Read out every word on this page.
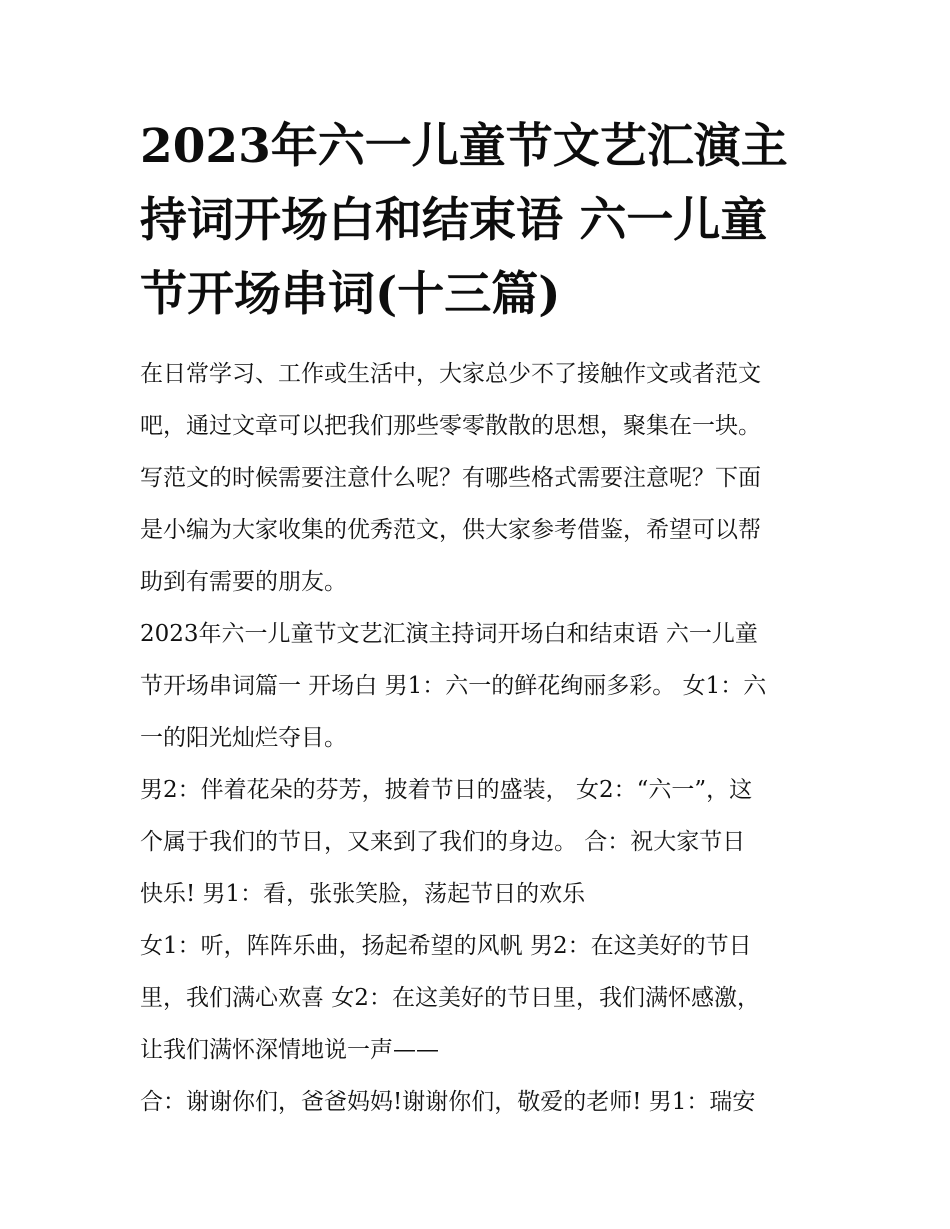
2023年六一儿童节文艺汇演主
持词开场白和结束语 六一儿童
节开场串词(十三篇)

在日常学习、工作或生活中，大家总少不了接触作文或者范文
吧，通过文章可以把我们那些零零散散的思想，聚集在一块。
写范文的时候需要注意什么呢？有哪些格式需要注意呢？下面
是小编为大家收集的优秀范文，供大家参考借鉴，希望可以帮
助到有需要的朋友。

2023年六一儿童节文艺汇演主持词开场白和结束语 六一儿童
节开场串词篇一 开场白 男1：六一的鲜花绚丽多彩。 女1：六
一的阳光灿烂夺目。

男2：伴着花朵的芬芳，披着节日的盛装， 女2：“六一”，这
个属于我们的节日，又来到了我们的身边。 合：祝大家节日
快乐! 男1：看，张张笑脸，荡起节日的欢乐

女1：听，阵阵乐曲，扬起希望的风帆 男2：在这美好的节日
里，我们满心欢喜 女2：在这美好的节日里，我们满怀感激，
让我们满怀深情地说一声——

合：谢谢你们，爸爸妈妈!谢谢你们，敬爱的老师! 男1：瑞安
